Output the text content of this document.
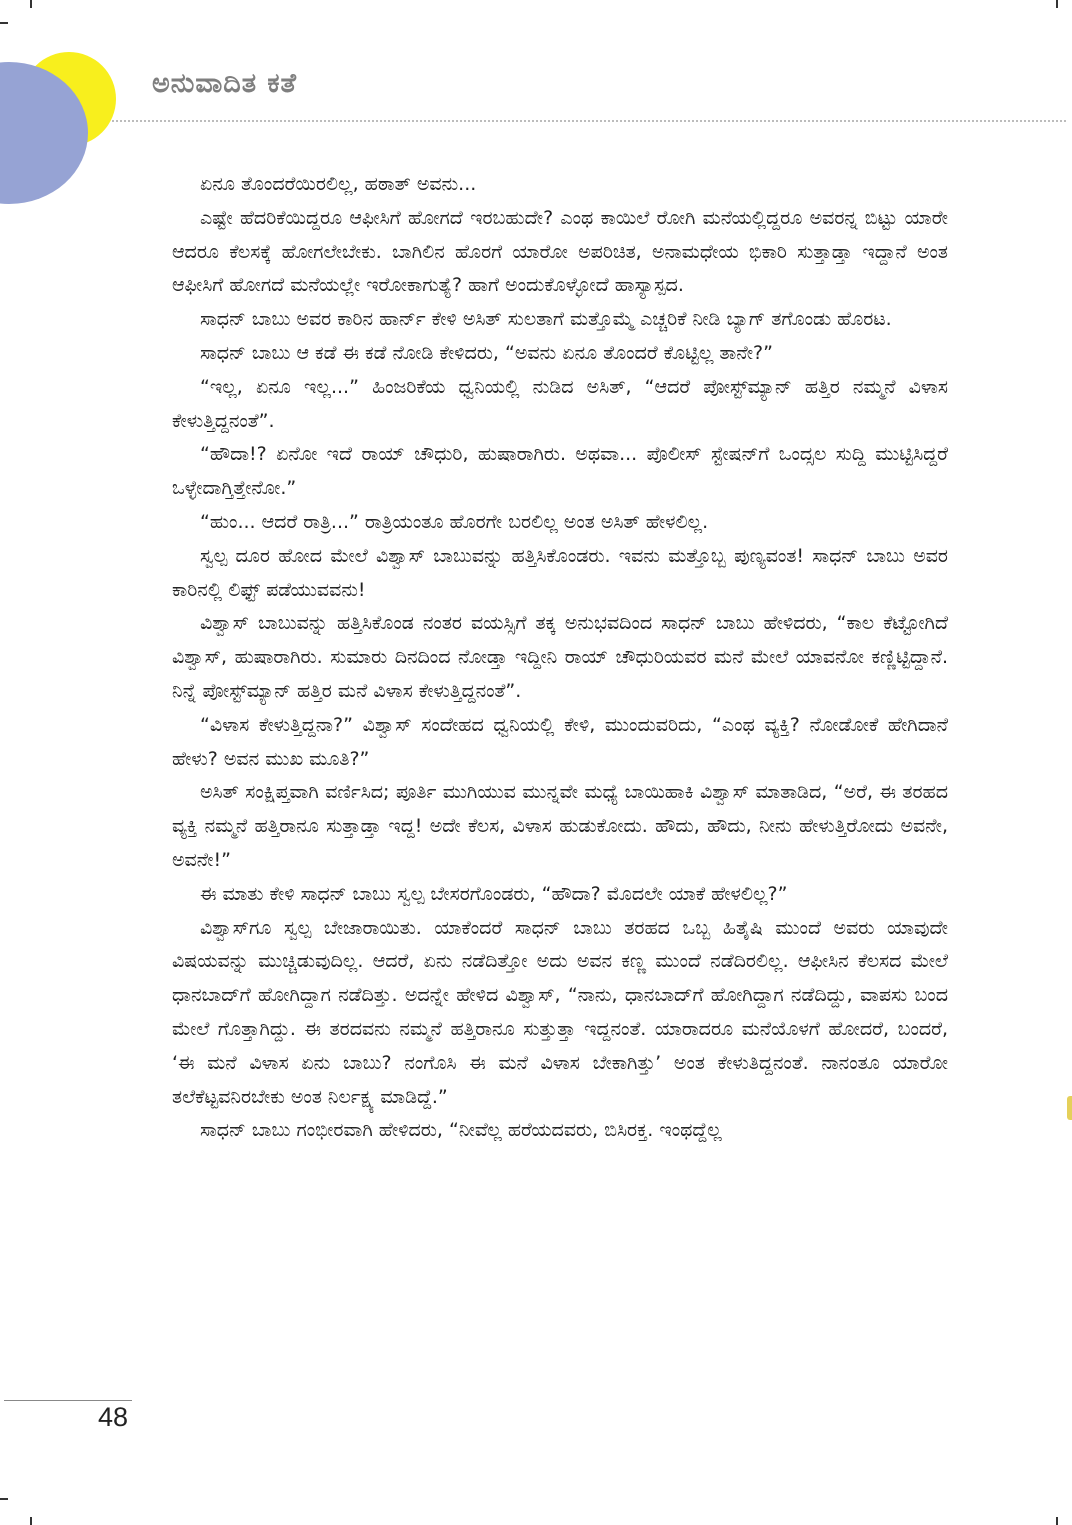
ಅನುವಾದಿತ ಕತೆ

ಏನೂ ತೊಂದರೆಯಿರಲಿಲ್ಲ, ಹಠಾತ್ ಅವನು...

ಎಷ್ಟೇ ಹೆದರಿಕೆಯಿದ್ದರೂ ಆಫೀಸಿಗೆ ಹೋಗದೆ ಇರಬಹುದೇ? ಎಂಥ ಕಾಯಿಲೆ ರೋಗಿ ಮನೆಯಲ್ಲಿದ್ದರೂ ಅವರನ್ನ ಬಿಟ್ಟು ಯಾರೇ ಆದರೂ ಕೆಲಸಕ್ಕೆ ಹೋಗಲೇಬೇಕು. ಬಾಗಿಲಿನ ಹೊರಗೆ ಯಾರೋ ಅಪರಿಚಿತ, ಅನಾಮಧೇಯ ಭಿಕಾರಿ ಸುತ್ತಾಡ್ತಾ ಇದ್ದಾನೆ ಅಂತ ಆಫೀಸಿಗೆ ಹೋಗದೆ ಮನೆಯಲ್ಲೇ ಇರೋಕಾಗುತ್ಯೆ? ಹಾಗೆ ಅಂದುಕೊಳ್ಳೋದೆ ಹಾಸ್ಯಾಸ್ಪದ.

ಸಾಧನ್ ಬಾಬು ಅವರ ಕಾರಿನ ಹಾರ್ನ್ ಕೇಳಿ ಅಸಿತ್ ಸುಲತಾಗೆ ಮತ್ತೊಮ್ಮೆ ಎಚ್ಚರಿಕೆ ನೀಡಿ ಬ್ಯಾಗ್ ತಗೊಂಡು ಹೊರಟ.

ಸಾಧನ್ ಬಾಬು ಆ ಕಡೆ ಈ ಕಡೆ ನೋಡಿ ಕೇಳಿದರು, “ಅವನು ಏನೂ ತೊಂದರೆ ಕೊಟ್ಟಿಲ್ಲ ತಾನೇ?”

“ಇಲ್ಲ, ಏನೂ ಇಲ್ಲ...” ಹಿಂಜರಿಕೆಯ ಧ್ವನಿಯಲ್ಲಿ ನುಡಿದ ಅಸಿತ್, “ಆದರೆ ಪೋಸ್ಟ್‌ಮ್ಯಾನ್ ಹತ್ತಿರ ನಮ್ಮನೆ ವಿಳಾಸ ಕೇಳುತ್ತಿದ್ದನಂತೆ”.

“ಹೌದಾ!? ಏನೋ ಇದೆ ರಾಯ್ ಚೌಧುರಿ, ಹುಷಾರಾಗಿರು. ಅಥವಾ... ಪೊಲೀಸ್ ಸ್ಟೇಷನ್‌ಗೆ ಒಂದ್ಸಲ ಸುದ್ದಿ ಮುಟ್ಟಿಸಿದ್ದರೆ ಒಳ್ಳೇದಾಗ್ತಿತ್ತೇನೋ.”

“ಹುಂ... ಆದರೆ ರಾತ್ರಿ...” ರಾತ್ರಿಯಂತೂ ಹೊರಗೇ ಬರಲಿಲ್ಲ ಅಂತ ಅಸಿತ್ ಹೇಳಲಿಲ್ಲ.

ಸ್ವಲ್ಪ ದೂರ ಹೋದ ಮೇಲೆ ವಿಶ್ವಾಸ್ ಬಾಬುವನ್ನು ಹತ್ತಿಸಿಕೊಂಡರು. ಇವನು ಮತ್ತೊಬ್ಬ ಪುಣ್ಯವಂತ! ಸಾಧನ್ ಬಾಬು ಅವರ ಕಾರಿನಲ್ಲಿ ಲಿಫ್ಟ್ ಪಡೆಯುವವನು!

ವಿಶ್ವಾಸ್ ಬಾಬುವನ್ನು ಹತ್ತಿಸಿಕೊಂಡ ನಂತರ ವಯಸ್ಸಿಗೆ ತಕ್ಕ ಅನುಭವದಿಂದ ಸಾಧನ್ ಬಾಬು ಹೇಳಿದರು, “ಕಾಲ ಕೆಟ್ಟೋಗಿದೆ ವಿಶ್ವಾಸ್, ಹುಷಾರಾಗಿರು. ಸುಮಾರು ದಿನದಿಂದ ನೋಡ್ತಾ ಇದ್ದೀನಿ ರಾಯ್ ಚೌಧುರಿಯವರ ಮನೆ ಮೇಲೆ ಯಾವನೋ ಕಣ್ಣಿಟ್ಟಿದ್ದಾನೆ. ನಿನ್ನೆ ಪೋಸ್ಟ್‌ಮ್ಯಾನ್ ಹತ್ತಿರ ಮನೆ ವಿಳಾಸ ಕೇಳುತ್ತಿದ್ದನಂತೆ”.

“ವಿಳಾಸ ಕೇಳುತ್ತಿದ್ದನಾ?” ವಿಶ್ವಾಸ್ ಸಂದೇಹದ ಧ್ವನಿಯಲ್ಲಿ ಕೇಳಿ, ಮುಂದುವರಿದು, “ಎಂಥ ವ್ಯಕ್ತಿ? ನೋಡೋಕೆ ಹೇಗಿದಾನೆ ಹೇಳು? ಅವನ ಮುಖ ಮೂತಿ?”

ಅಸಿತ್ ಸಂಕ್ಷಿಪ್ತವಾಗಿ ವರ್ಣಿಸಿದ; ಪೂರ್ತಿ ಮುಗಿಯುವ ಮುನ್ನವೇ ಮಧ್ಯೆ ಬಾಯಿಹಾಕಿ ವಿಶ್ವಾಸ್ ಮಾತಾಡಿದ, “ಅರೆ, ಈ ತರಹದ ವ್ಯಕ್ತಿ ನಮ್ಮನೆ ಹತ್ತಿರಾನೂ ಸುತ್ತಾಡ್ತಾ ಇದ್ದ! ಅದೇ ಕೆಲಸ, ವಿಳಾಸ ಹುಡುಕೋದು. ಹೌದು, ಹೌದು, ನೀನು ಹೇಳುತ್ತಿರೋದು ಅವನೇ, ಅವನೇ!”

ಈ ಮಾತು ಕೇಳಿ ಸಾಧನ್ ಬಾಬು ಸ್ವಲ್ಪ ಬೇಸರಗೊಂಡರು, “ಹೌದಾ? ಮೊದಲೇ ಯಾಕೆ ಹೇಳಲಿಲ್ಲ?”

ವಿಶ್ವಾಸ್‌ಗೂ ಸ್ವಲ್ಪ ಬೇಜಾರಾಯಿತು. ಯಾಕೆಂದರೆ ಸಾಧನ್ ಬಾಬು ತರಹದ ಒಬ್ಬ ಹಿತೈಷಿ ಮುಂದೆ ಅವರು ಯಾವುದೇ ವಿಷಯವನ್ನು ಮುಚ್ಚಿಡುವುದಿಲ್ಲ. ಆದರೆ, ಏನು ನಡೆದಿತ್ತೋ ಅದು ಅವನ ಕಣ್ಣ ಮುಂದೆ ನಡೆದಿರಲಿಲ್ಲ. ಆಫೀಸಿನ ಕೆಲಸದ ಮೇಲೆ ಧಾನಬಾದ್‌ಗೆ ಹೋಗಿದ್ದಾಗ ನಡೆದಿತ್ತು. ಅದನ್ನೇ ಹೇಳಿದ ವಿಶ್ವಾಸ್, “ನಾನು, ಧಾನಬಾದ್‌ಗೆ ಹೋಗಿದ್ದಾಗ ನಡೆದಿದ್ದು, ವಾಪಸು ಬಂದ ಮೇಲೆ ಗೊತ್ತಾಗಿದ್ದು. ಈ ತರದವನು ನಮ್ಮನೆ ಹತ್ತಿರಾನೂ ಸುತ್ತುತ್ತಾ ಇದ್ದನಂತೆ. ಯಾರಾದರೂ ಮನೆಯೊಳಗೆ ಹೋದರೆ, ಬಂದರೆ, ‘ಈ ಮನೆ ವಿಳಾಸ ಏನು ಬಾಬು? ನಂಗೊಸಿ ಈ ಮನೆ ವಿಳಾಸ ಬೇಕಾಗಿತ್ತು’ ಅಂತ ಕೇಳುತಿದ್ದನಂತೆ. ನಾನಂತೂ ಯಾರೋ ತಲೆಕೆಟ್ಟವನಿರಬೇಕು ಅಂತ ನಿರ್ಲಕ್ಷ್ಯ ಮಾಡಿದ್ದೆ.”

ಸಾಧನ್ ಬಾಬು ಗಂಭೀರವಾಗಿ ಹೇಳಿದರು, “ನೀವೆಲ್ಲ ಹರೆಯದವರು, ಬಿಸಿರಕ್ತ. ಇಂಥದ್ದೆಲ್ಲ

48
